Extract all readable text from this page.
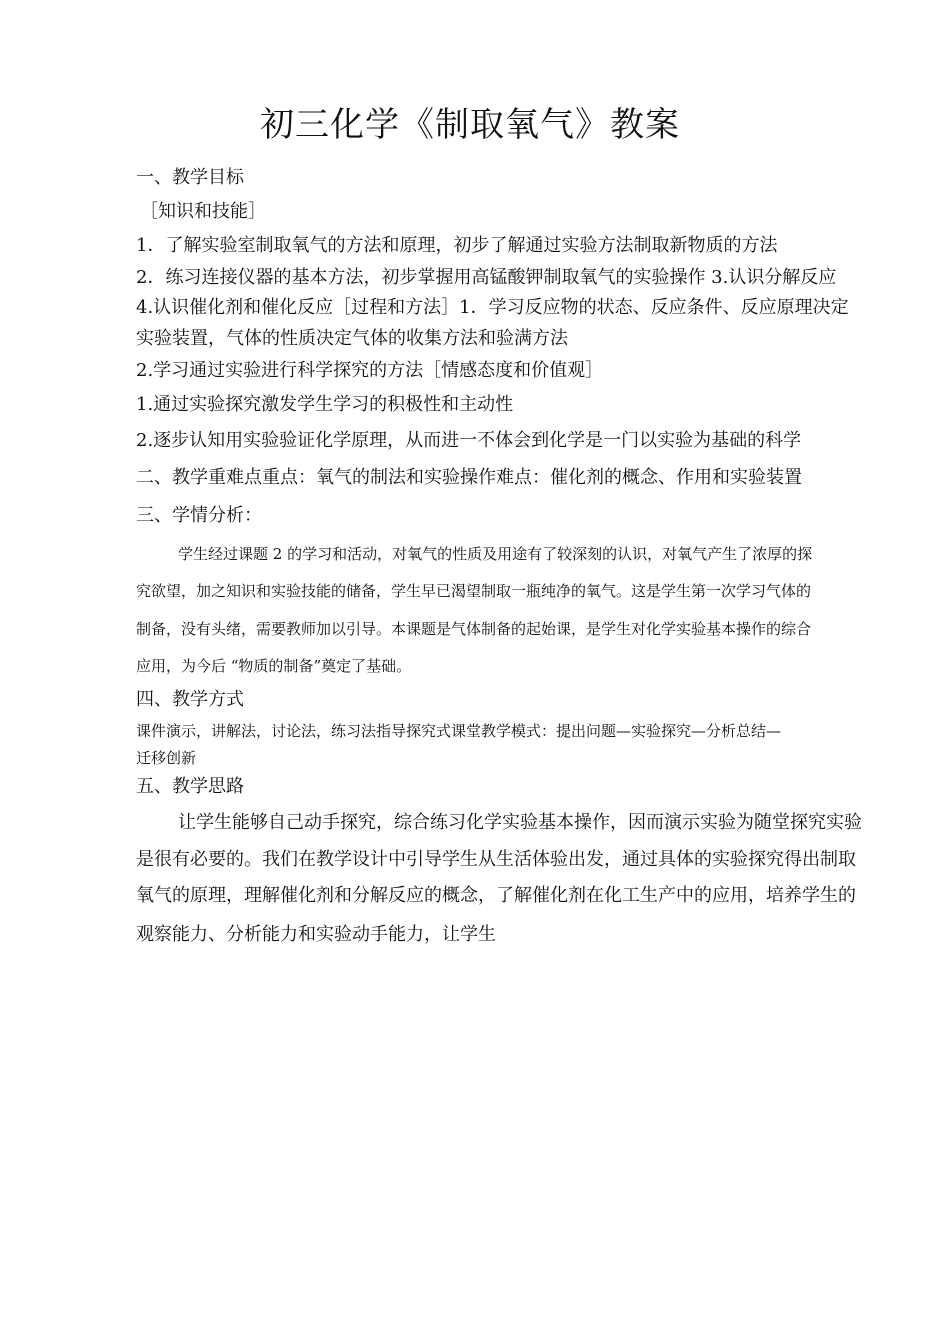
初三化学《制取氧气》教案

一、教学目标

［知识和技能］

1．了解实验室制取氧气的方法和原理，初步了解通过实验方法制取新物质的方法

2．练习连接仪器的基本方法，初步掌握用高锰酸钾制取氧气的实验操作 3.认识分解反应

4.认识催化剂和催化反应［过程和方法］1．学习反应物的状态、反应条件、反应原理决定

实验装置，气体的性质决定气体的收集方法和验满方法

2.学习通过实验进行科学探究的方法［情感态度和价值观］

1.通过实验探究激发学生学习的积极性和主动性

2.逐步认知用实验验证化学原理，从而进一不体会到化学是一门以实验为基础的科学

二、教学重难点重点：氧气的制法和实验操作难点：催化剂的概念、作用和实验装置

三、学情分析：

学生经过课题 2 的学习和活动，对氧气的性质及用途有了较深刻的认识，对氧气产生了浓厚的探

究欲望，加之知识和实验技能的储备，学生早已渴望制取一瓶纯净的氧气。这是学生第一次学习气体的

制备，没有头绪，需要教师加以引导。本课题是气体制备的起始课，是学生对化学实验基本操作的综合

应用，为今后 “物质的制备”奠定了基础。

四、教学方式

课件演示，讲解法，讨论法，练习法指导探究式课堂教学模式：提出问题—实验探究—分析总结—

迁移创新

五、教学思路

让学生能够自己动手探究，综合练习化学实验基本操作，因而演示实验为随堂探究实验

是很有必要的。我们在教学设计中引导学生从生活体验出发，通过具体的实验探究得出制取

氧气的原理，理解催化剂和分解反应的概念，了解催化剂在化工生产中的应用，培养学生的

观察能力、分析能力和实验动手能力，让学生
